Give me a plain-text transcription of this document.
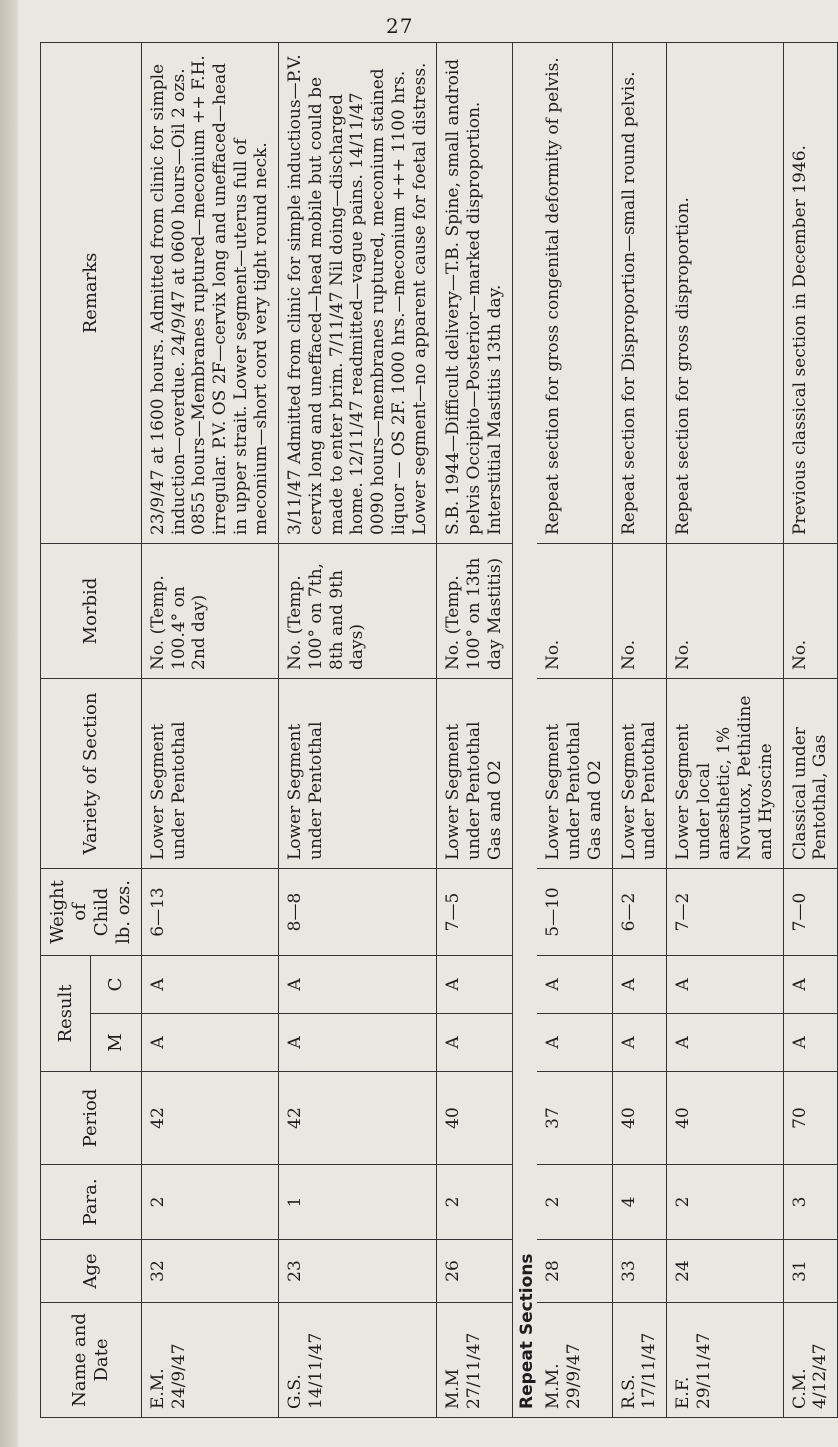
27
Name and Date	Age	Para.	Period	Result		Weight of Child lb. ozs.	Variety of Section	Morbid	Remarks
				M	C				

E.M. 24/9/47	32	2	42	A	A	6—13	Lower Segment under Pentothal	No. (Temp. 100.4° on 2nd day)	23/9/47 at 1600 hours. Admitted from clinic for simple induction—overdue. 24/9/47 at 0600 hours—Oil 2 ozs. 0855 hours—Membranes ruptured—meconium ++ F.H. irregular. P.V. OS 2F—cervix long and uneffaced—head in upper strait. Lower segment—uterus full of meconium—short cord very tight round neck.

G.S. 14/11/47	23	1	42	A	A	8—8	Lower Segment under Pentothal	No. (Temp. 100° on 7th, 8th and 9th days)	3/11/47 Admitted from clinic for simple inductious—P.V. cervix long and uneffaced—head mobile but could be made to enter brim. 7/11/47 Nil doing—discharged home. 12/11/47 readmitted—vague pains. 14/11/47 0090 hours—membranes ruptured, meconium stained liquor — OS 2F. 1000 hrs.—meconium +++ 1100 hrs. Lower segment—no apparent cause for foetal distress.

M.M 27/11/47	26	2	40	A	A	7—5	Lower Segment under Pentothal Gas and O2	No. (Temp. 100° on 13th day Mastitis)	S.B. 1944—Difficult delivery—T.B. Spine, small android pelvis Occipito—Posterior—marked disproportion. Interstitial Mastitis 13th day.
Repeat Sections									

M.M. 29/9/47	28	2	37	A	A	5—10	Lower Segment under Pentothal Gas and O2	No.	Repeat section for gross congenital deformity of pelvis.

R.S. 17/11/47	33	4	40	A	A	6—2	Lower Segment under Pentothal	No.	Repeat section for Disproportion—small round pelvis.

E.F. 29/11/47	24	2	40	A	A	7—2	Lower Segment under local anæsthetic, 1% Novutox, Pethidine and Hyoscine	No.	Repeat section for gross disproportion.

C.M. 4/12/47	31	3	70	A	A	7—0	Classical under Pentothal, Gas	No.	Previous classical section in December 1946.
